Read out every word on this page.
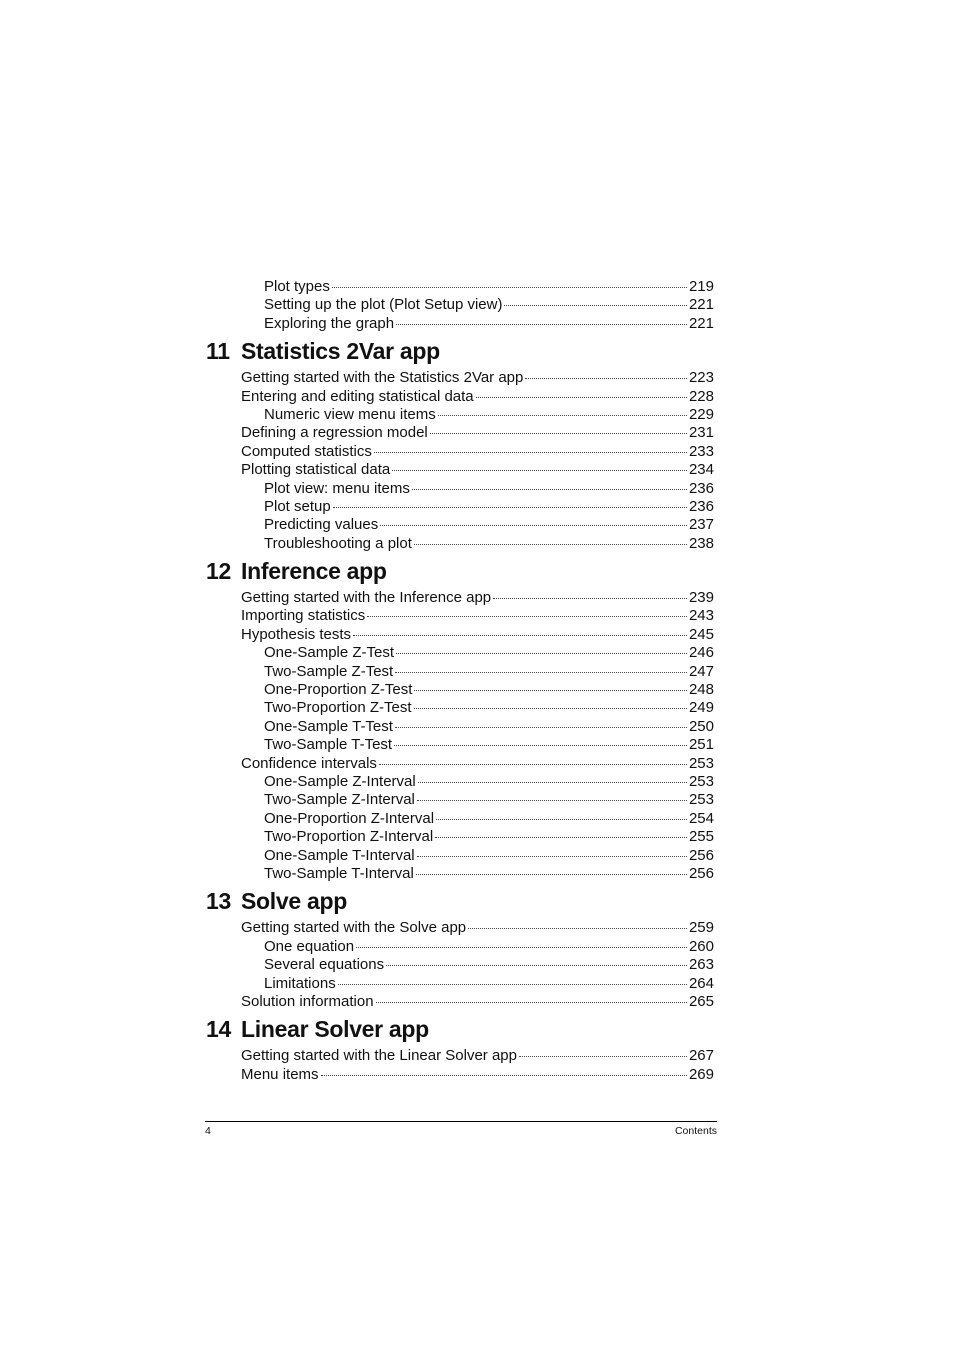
Plot types	219
Setting up the plot (Plot Setup view)	221
Exploring the graph	221
11 Statistics 2Var app
Getting started with the Statistics 2Var app	223
Entering and editing statistical data	228
Numeric view menu items	229
Defining a regression model	231
Computed statistics	233
Plotting statistical data	234
Plot view: menu items	236
Plot setup	236
Predicting values	237
Troubleshooting a plot	238
12 Inference app
Getting started with the Inference app	239
Importing statistics	243
Hypothesis tests	245
One-Sample Z-Test	246
Two-Sample Z-Test	247
One-Proportion Z-Test	248
Two-Proportion Z-Test	249
One-Sample T-Test	250
Two-Sample T-Test	251
Confidence intervals	253
One-Sample Z-Interval	253
Two-Sample Z-Interval	253
One-Proportion Z-Interval	254
Two-Proportion Z-Interval	255
One-Sample T-Interval	256
Two-Sample T-Interval	256
13 Solve app
Getting started with the Solve app	259
One equation	260
Several equations	263
Limitations	264
Solution information	265
14 Linear Solver app
Getting started with the Linear Solver app	267
Menu items	269
4	Contents
